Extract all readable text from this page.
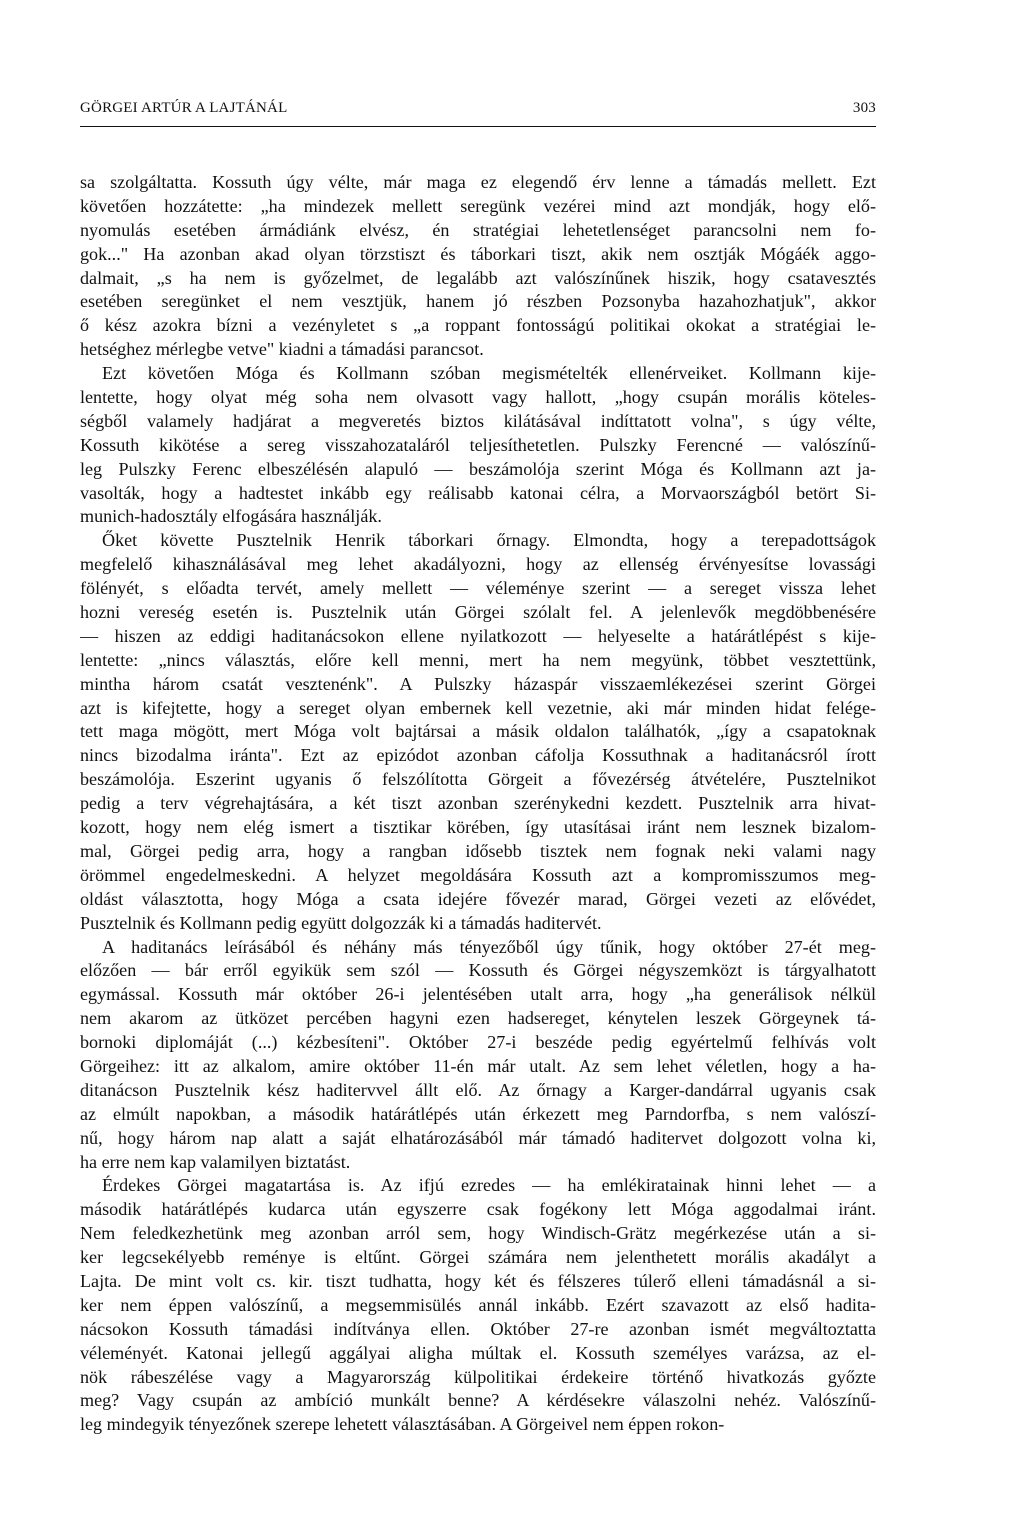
GÖRGEI ARTÚR A LAJTÁNÁL	303
sa szolgáltatta. Kossuth úgy vélte, már maga ez elegendő érv lenne a támadás mellett. Ezt
követően hozzátette: „ha mindezek mellett seregünk vezérei mind azt mondják, hogy elő-
nyomulás esetében ármádiánk elvész, én stratégiai lehetetlenséget parancsolni nem fo-
gok..." Ha azonban akad olyan törzstiszt és táborkari tiszt, akik nem osztják Mógáék aggo-
dalmait, „s ha nem is győzelmet, de legalább azt valószínűnek hiszik, hogy csatavesztés
esetében seregünket el nem vesztjük, hanem jó részben Pozsonyba hazahozhatjuk", akkor
ő kész azokra bízni a vezényletet s „a roppant fontosságú politikai okokat a stratégiai le-
hetséghez mérlegbe vetve" kiadni a támadási parancsot.
Ezt követően Móga és Kollmann szóban megismételték ellenérveiket. Kollmann kije-
lentette, hogy olyat még soha nem olvasott vagy hallott, „hogy csupán morális köteles-
ségből valamely hadjárat a megveretés biztos kilátásával indíttatott volna", s úgy vélte,
Kossuth kikötése a sereg visszahozataláról teljesíthetetlen. Pulszky Ferencné — valószínű-
leg Pulszky Ferenc elbeszélésén alapuló — beszámolója szerint Móga és Kollmann azt ja-
vasolták, hogy a hadtestet inkább egy reálisabb katonai célra, a Morvaországból betört Si-
munich-hadosztály elfogására használják.
Őket követte Pusztelnik Henrik táborkari őrnagy. Elmondta, hogy a terepadottságok
megfelelő kihasználásával meg lehet akadályozni, hogy az ellenség érvényesítse lovassági
fölényét, s előadta tervét, amely mellett — véleménye szerint — a sereget vissza lehet
hozni vereség esetén is. Pusztelnik után Görgei szólalt fel. A jelenlevők megdöbbenésére
— hiszen az eddigi haditanácsokon ellene nyilatkozott — helyeselte a határátlépést s kije-
lentette: „nincs választás, előre kell menni, mert ha nem megyünk, többet vesztettünk,
mintha három csatát vesztenénk". A Pulszky házaspár visszaemlékezései szerint Görgei
azt is kifejtette, hogy a sereget olyan embernek kell vezetnie, aki már minden hidat felége-
tett maga mögött, mert Móga volt bajtársai a másik oldalon találhatók, „így a csapatoknak
nincs bizodalma iránta". Ezt az epizódot azonban cáfolja Kossuthnak a haditanácsról írott
beszámolója. Eszerint ugyanis ő felszólította Görgeit a fővezérség átvételére, Pusztelnikot
pedig a terv végrehajtására, a két tiszt azonban szerénykedni kezdett. Pusztelnik arra hivat-
kozott, hogy nem elég ismert a tisztikar körében, így utasításai iránt nem lesznek bizalom-
mal, Görgei pedig arra, hogy a rangban idősebb tisztek nem fognak neki valami nagy
örömmel engedelmeskedni. A helyzet megoldására Kossuth azt a kompromisszumos meg-
oldást választotta, hogy Móga a csata idejére fővezér marad, Görgei vezeti az elővédet,
Pusztelnik és Kollmann pedig együtt dolgozzák ki a támadás haditervét.
A haditanács leírásából és néhány más tényezőből úgy tűnik, hogy október 27-ét meg-
előzően — bár erről egyikük sem szól — Kossuth és Görgei négyszemközt is tárgyalhatott
egymással. Kossuth már október 26-i jelentésében utalt arra, hogy „ha generálisok nélkül
nem akarom az ütközet percében hagyni ezen hadsereget, kénytelen leszek Görgeynek tá-
bornoki diplomáját (...) kézbesíteni". Október 27-i beszéde pedig egyértelmű felhívás volt
Görgeihez: itt az alkalom, amire október 11-én már utalt. Az sem lehet véletlen, hogy a ha-
ditanácson Pusztelnik kész haditervvel állt elő. Az őrnagy a Karger-dandárral ugyanis csak
az elmúlt napokban, a második határátlépés után érkezett meg Parndorfba, s nem valószí-
nű, hogy három nap alatt a saját elhatározásából már támadó haditervet dolgozott volna ki,
ha erre nem kap valamilyen biztatást.
Érdekes Görgei magatartása is. Az ifjú ezredes — ha emlékiratainak hinni lehet — a
második határátlépés kudarca után egyszerre csak fogékony lett Móga aggodalmai iránt.
Nem feledkezhetünk meg azonban arról sem, hogy Windisch-Grätz megérkezése után a si-
ker legcsekélyebb reménye is eltűnt. Görgei számára nem jelenthetett morális akadályt a
Lajta. De mint volt cs. kir. tiszt tudhatta, hogy két és félszeres túlerő elleni támadásnál a si-
ker nem éppen valószínű, a megsemmisülés annál inkább. Ezért szavazott az első hadita-
nácsokon Kossuth támadási indítványa ellen. Október 27-re azonban ismét megváltoztatta
véleményét. Katonai jellegű aggályai aligha múltak el. Kossuth személyes varázsa, az el-
nök rábeszélése vagy a Magyarország külpolitikai érdekeire történő hivatkozás győzte
meg? Vagy csupán az ambíció munkált benne? A kérdésekre válaszolni nehéz. Valószínű-
leg mindegyik tényezőnek szerepe lehetett választásában. A Görgeivel nem éppen rokon-
